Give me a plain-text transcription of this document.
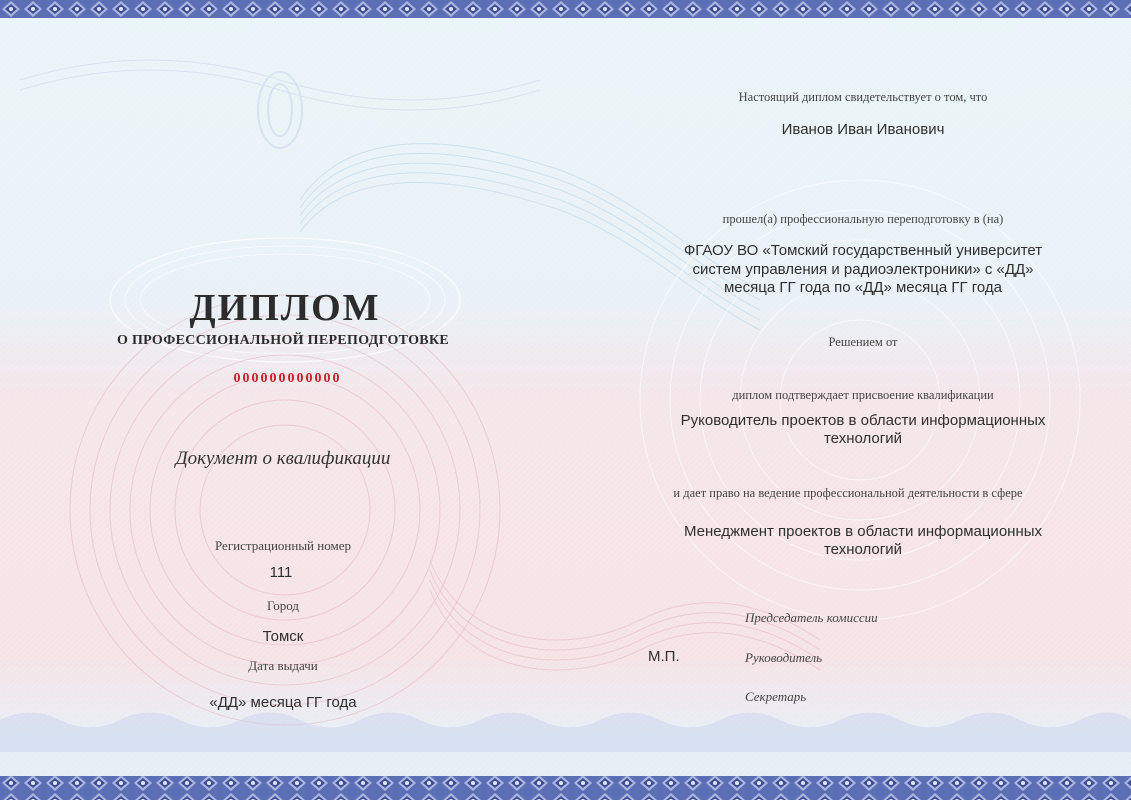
ДИПЛОМ
О ПРОФЕССИОНАЛЬНОЙ ПЕРЕПОДГОТОВКЕ
000000000000
Документ о квалификации
Регистрационный номер
111
Город
Томск
Дата выдачи
«ДД» месяца ГГ года
Настоящий диплом свидетельствует о том, что
Иванов Иван Иванович
прошел(а) профессиональную переподготовку в (на)
ФГАОУ ВО «Томский государственный университет
систем управления и радиоэлектроники» с «ДД»
месяца ГГ года по «ДД» месяца ГГ года
Решением от
диплом подтверждает присвоение квалификации
Руководитель проектов в области информационных
технологий
и дает право на ведение профессиональной деятельности в сфере
Менеджмент проектов в области информационных
технологий
М.П.
Председатель комиссии
Руководитель
Секретарь
